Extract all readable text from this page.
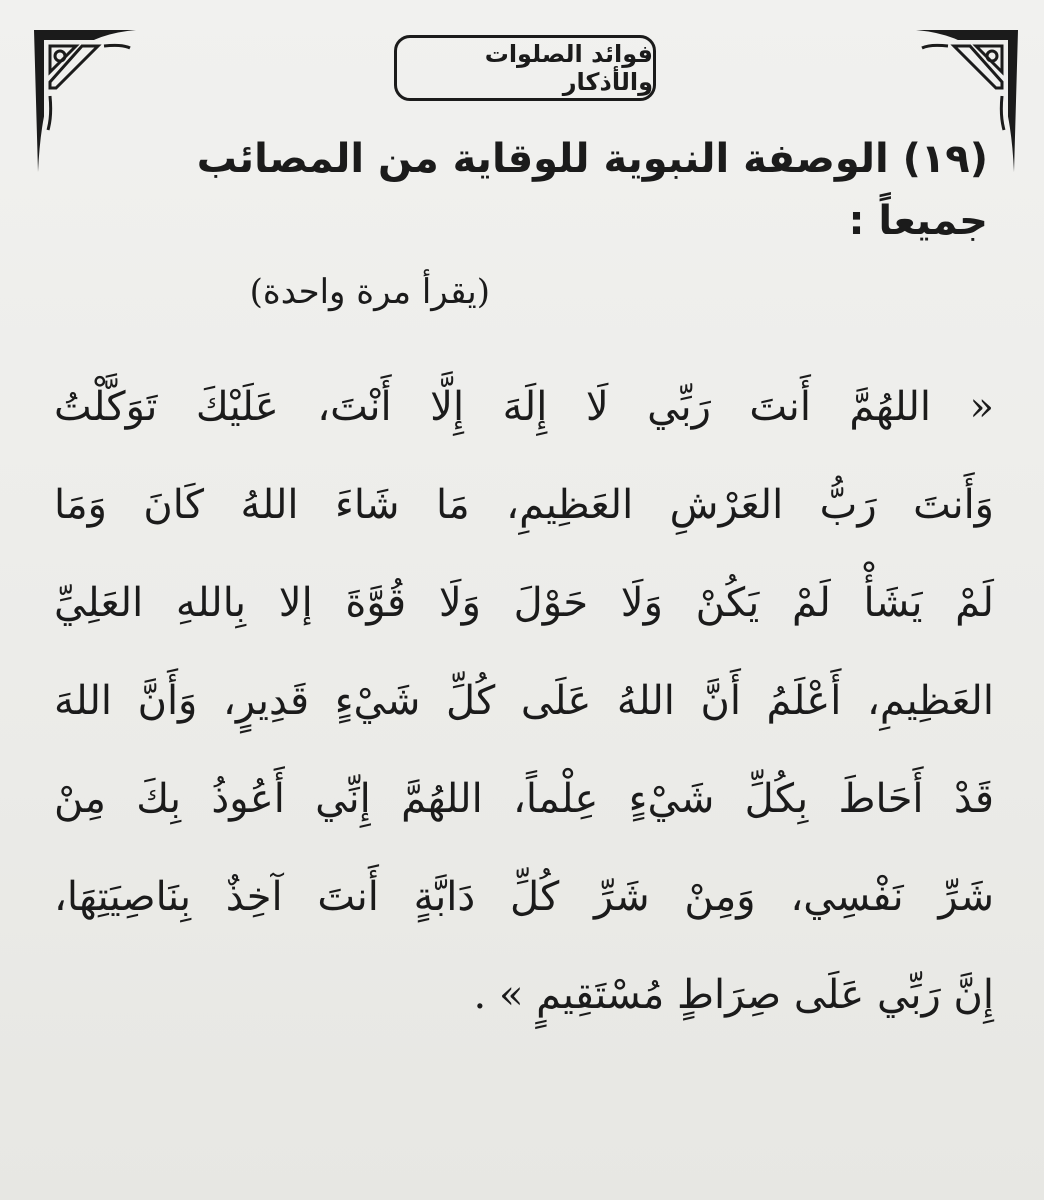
فوائد الصلوات والأذكار
(١٩) الوصفة النبوية للوقاية من المصائب جميعاً :

(يقرأ مرة واحدة)

« اللهُمَّ أَنتَ رَبِّي لَا إِلَهَ إِلَّا أَنْتَ، عَلَيْكَ تَوَكَّلْتُ
وَأَنتَ رَبُّ العَرْشِ العَظِيمِ، مَا شَاءَ اللهُ كَانَ وَمَا
لَمْ يَشَأْ لَمْ يَكُنْ وَلَا حَوْلَ وَلَا قُوَّةَ إلا بِاللهِ العَلِيِّ
العَظِيمِ، أَعْلَمُ أَنَّ اللهُ عَلَى كُلِّ شَيْءٍ قَدِيرٍ، وَأَنَّ اللهَ
قَدْ أَحَاطَ بِكُلِّ شَيْءٍ عِلْماً، اللهُمَّ إِنِّي أَعُوذُ بِكَ مِنْ
شَرِّ نَفْسِي، وَمِنْ شَرِّ كُلِّ دَابَّةٍ أَنتَ آخِذٌ بِنَاصِيَتِهَا،
إِنَّ رَبِّي عَلَى صِرَاطٍ مُسْتَقِيمٍ » .
